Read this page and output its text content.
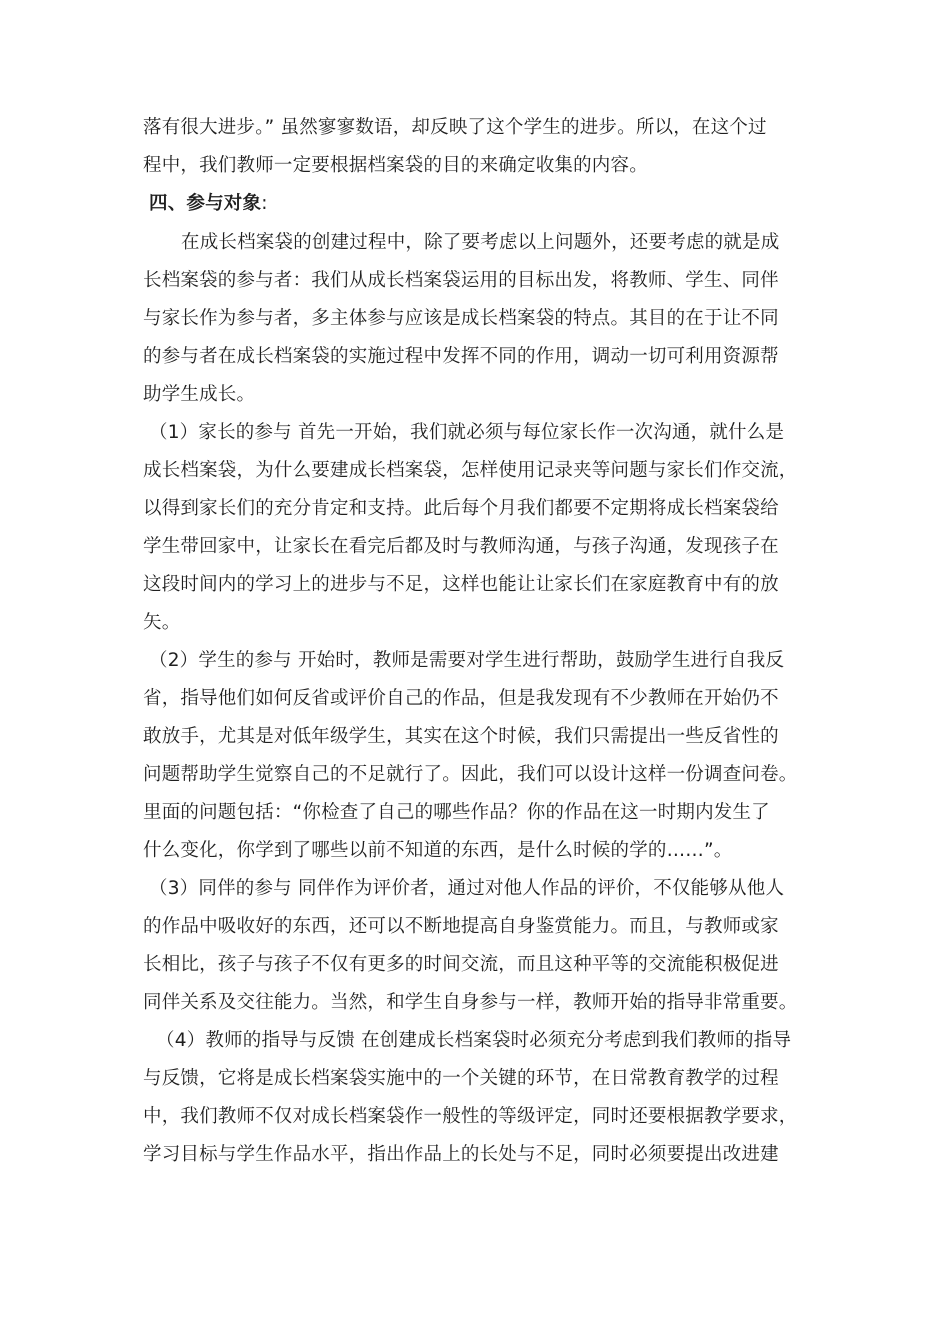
落有很大进步。” 虽然寥寥数语，却反映了这个学生的进步。所以，在这个过
程中，我们教师一定要根据档案袋的目的来确定收集的内容。
四、参与对象:
在成长档案袋的创建过程中，除了要考虑以上问题外，还要考虑的就是成
长档案袋的参与者：我们从成长档案袋运用的目标出发，将教师、学生、同伴
与家长作为参与者，多主体参与应该是成长档案袋的特点。其目的在于让不同
的参与者在成长档案袋的实施过程中发挥不同的作用，调动一切可利用资源帮
助学生成长。
（1）家长的参与 首先一开始，我们就必须与每位家长作一次沟通，就什么是
成长档案袋，为什么要建成长档案袋，怎样使用记录夹等问题与家长们作交流，
以得到家长们的充分肯定和支持。此后每个月我们都要不定期将成长档案袋给
学生带回家中，让家长在看完后都及时与教师沟通，与孩子沟通，发现孩子在
这段时间内的学习上的进步与不足，这样也能让让家长们在家庭教育中有的放
矢。
（2）学生的参与 开始时，教师是需要对学生进行帮助，鼓励学生进行自我反
省，指导他们如何反省或评价自己的作品，但是我发现有不少教师在开始仍不
敢放手，尤其是对低年级学生，其实在这个时候，我们只需提出一些反省性的
问题帮助学生觉察自己的不足就行了。因此，我们可以设计这样一份调查问卷。
里面的问题包括：“你检查了自己的哪些作品？你的作品在这一时期内发生了
什么变化，你学到了哪些以前不知道的东西，是什么时候的学的……”。
（3）同伴的参与 同伴作为评价者，通过对他人作品的评价，不仅能够从他人
的作品中吸收好的东西，还可以不断地提高自身鉴赏能力。而且，与教师或家
长相比，孩子与孩子不仅有更多的时间交流，而且这种平等的交流能积极促进
同伴关系及交往能力。当然，和学生自身参与一样，教师开始的指导非常重要。
（4）教师的指导与反馈 在创建成长档案袋时必须充分考虑到我们教师的指导
与反馈，它将是成长档案袋实施中的一个关键的环节，在日常教育教学的过程
中，我们教师不仅对成长档案袋作一般性的等级评定，同时还要根据教学要求，
学习目标与学生作品水平，指出作品上的长处与不足，同时必须要提出改进建
